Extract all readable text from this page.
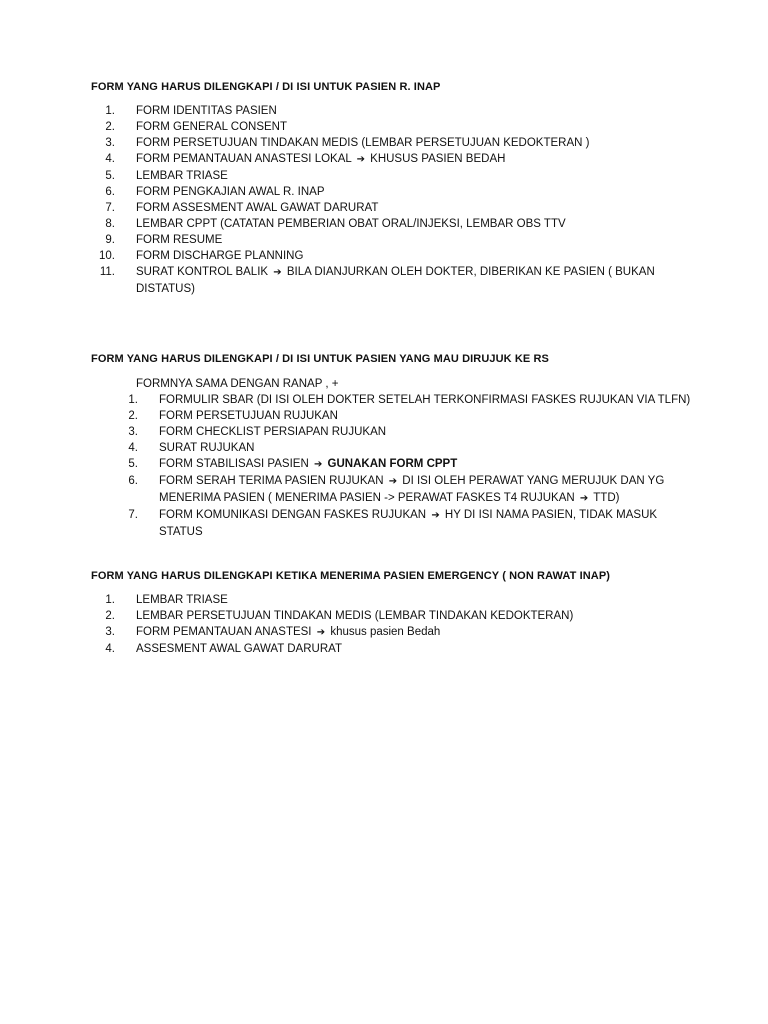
FORM YANG HARUS DILENGKAPI / DI ISI UNTUK PASIEN R. INAP
1. FORM IDENTITAS PASIEN
2. FORM GENERAL CONSENT
3. FORM PERSETUJUAN TINDAKAN MEDIS (LEMBAR PERSETUJUAN KEDOKTERAN )
4. FORM PEMANTAUAN ANASTESI LOKAL ➔ KHUSUS PASIEN BEDAH
5. LEMBAR TRIASE
6. FORM PENGKAJIAN AWAL R. INAP
7. FORM ASSESMENT AWAL GAWAT DARURAT
8. LEMBAR CPPT (CATATAN PEMBERIAN OBAT ORAL/INJEKSI, LEMBAR OBS TTV
9. FORM RESUME
10. FORM DISCHARGE PLANNING
11. SURAT KONTROL BALIK ➔ BILA DIANJURKAN OLEH DOKTER, DIBERIKAN KE PASIEN ( BUKAN DISTATUS)
FORM YANG HARUS DILENGKAPI / DI ISI UNTUK PASIEN YANG MAU DIRUJUK KE RS

FORMNYA SAMA DENGAN RANAP , +

1. FORMULIR SBAR (DI ISI OLEH DOKTER SETELAH TERKONFIRMASI FASKES RUJUKAN VIA TLFN)
2. FORM PERSETUJUAN RUJUKAN
3. FORM CHECKLIST PERSIAPAN RUJUKAN
4. SURAT RUJUKAN
5. FORM STABILISASI PASIEN ➔ GUNAKAN FORM CPPT
6. FORM SERAH TERIMA PASIEN RUJUKAN ➔ DI ISI OLEH PERAWAT YANG MERUJUK DAN YG MENERIMA PASIEN ( MENERIMA PASIEN -> PERAWAT FASKES T4 RUJUKAN ➔ TTD)
7. FORM KOMUNIKASI DENGAN FASKES RUJUKAN ➔ HY DI ISI NAMA PASIEN, TIDAK MASUK STATUS
FORM YANG HARUS DILENGKAPI KETIKA MENERIMA PASIEN EMERGENCY ( NON RAWAT INAP)
1. LEMBAR TRIASE
2. LEMBAR PERSETUJUAN TINDAKAN MEDIS (LEMBAR TINDAKAN KEDOKTERAN)
3. FORM PEMANTAUAN ANASTESI ➔ khusus pasien Bedah
4. ASSESMENT AWAL GAWAT DARURAT
